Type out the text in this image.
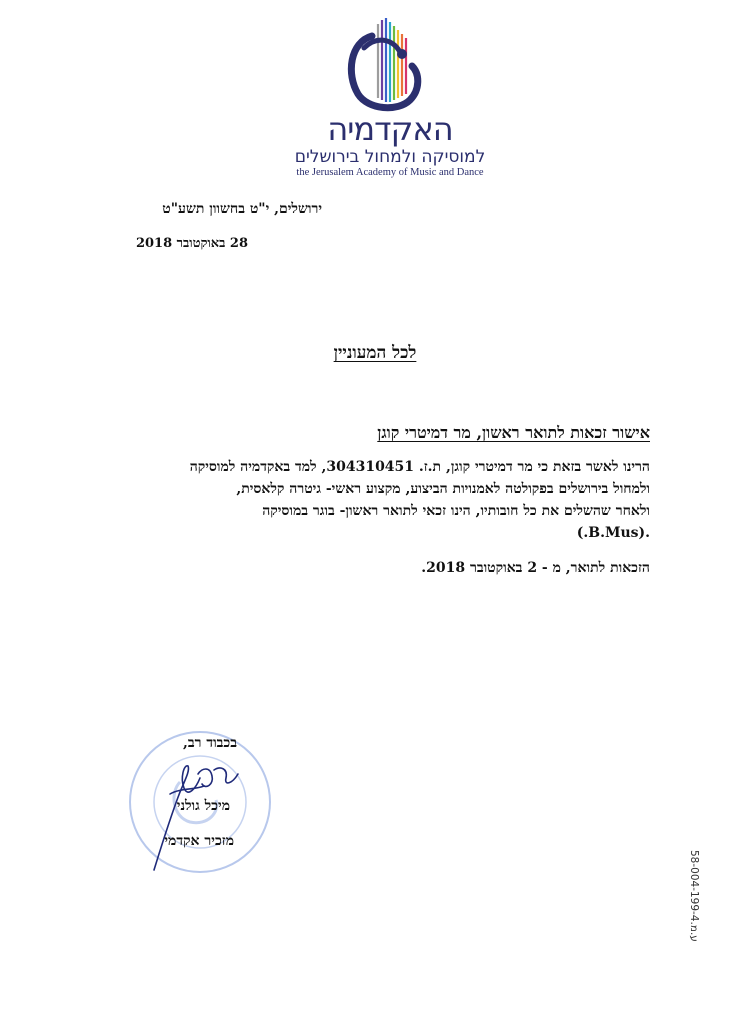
האקדמיה
למוסיקה ולמחול בירושלים
the Jerusalem Academy of Music and Dance
ירושלים, י"ט בחשוון תשע"ט
28 באוקטובר 2018
לכל המעוניין
אישור זכאות לתואר ראשון, מר דמיטרי קוגן

הרינו לאשר בזאת כי מר דמיטרי קוגן, ת.ז. 304310451, למד באקדמיה למוסיקה

ולמחול בירושלים בפקולטה לאמנויות הביצוע, מקצוע ראשי- גיטרה קלאסית,

ולאחר שהשלים את כל חובותיו, הינו זכאי לתואר ראשון- בוגר במוסיקה

.(B.Mus.)

הזכאות לתואר, מ - 2 באוקטובר 2018.
בכבוד רב,
מיכל גולני
מזכיר אקדמי
58-004-199-4.ע.מ
